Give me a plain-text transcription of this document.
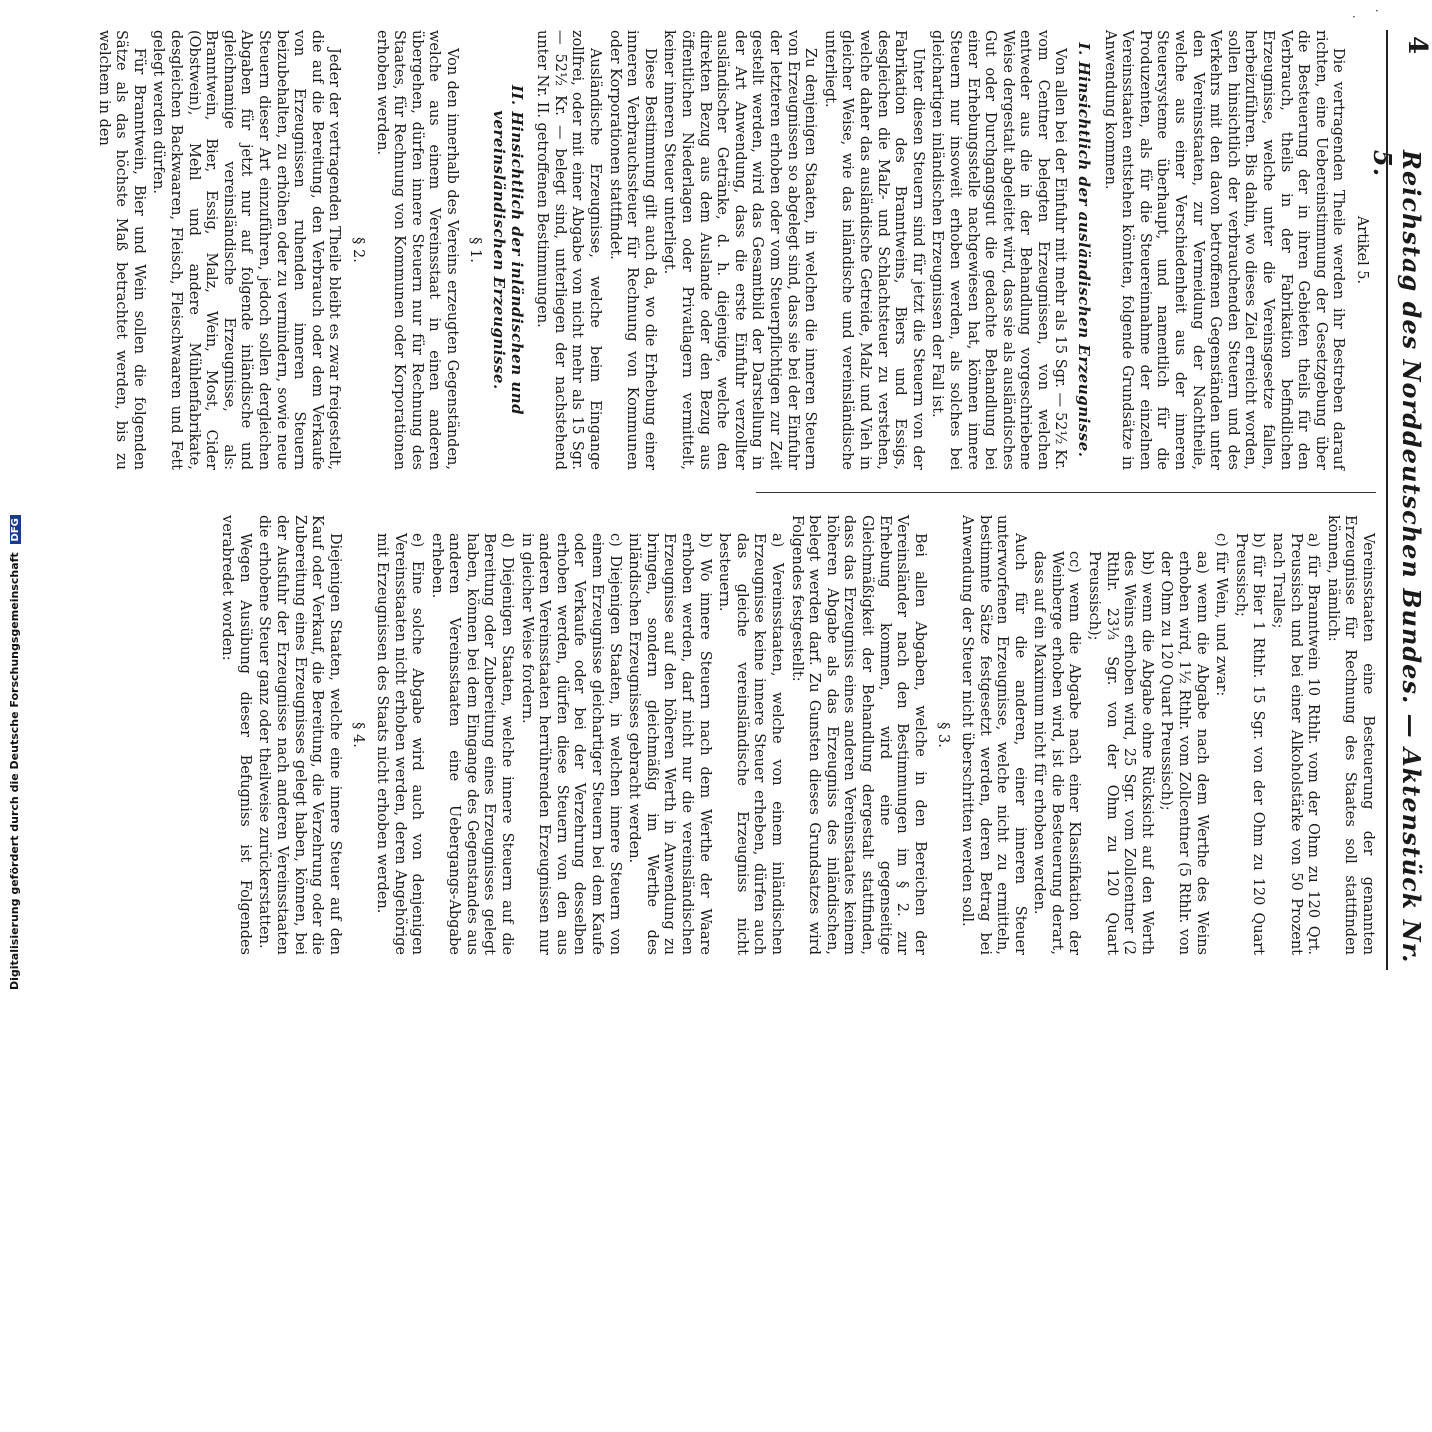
4
Reichstag des Norddeutschen Bundes. — Aktenstück Nr. 5.

Artikel 5.

Die vertragenden Theile werden ihr Bestreben darauf richten, eine Uebereinstimmung der Gesetzgebung über die Besteuerung der in ihren Gebieten theils für den Verbrauch, theils in der Fabrikation befindlichen Erzeugnisse, welche unter die Vereinsgesetze fallen, herbeizuführen. Bis dahin, wo dieses Ziel erreicht worden, sollen hinsichtlich der verbrauchenden Steuern und des Verkehrs mit den davon betroffenen Gegenständen unter den Vereinsstaaten, zur Vermeidung der Nachtheile, welche aus einer Verschiedenheit aus der inneren Steuersysteme überhaupt, und namentlich für die Produzenten, als für die Steuereinnahme der einzelnen Vereinsstaaten entstehen könnten, folgende Grundsätze in Anwendung kommen.

I. Hinsichtlich der ausländischen Erzeugnisse.

Von allen bei der Einfuhr mit mehr als 15 Sgr. — 52½ Kr. vom Centner belegten Erzeugnissen, von welchen entweder aus die in der Behandlung vorgeschriebene Weise dergestalt abgeleitet wird, dass sie als ausländisches Gut oder Durchgangsgut die gedachte Behandlung bei einer Erhebungsstelle nachgewiesen hat, können innere Steuern nur insoweit erhoben werden, als solches bei gleichartigen inländischen Erzeugnissen der Fall ist.

Unter diesen Steuern sind für jetzt die Steuern von der Fabrikation des Branntweins, Biers und Essigs, desgleichen die Malz- und Schlachtsteuer zu verstehen, welche daher das ausländische Getreide, Malz und Vieh in gleicher Weise, wie das inländische und vereinsländische unterliegt.

Zu denjenigen Staaten, in welchen die inneren Steuern von Erzeugnissen so abgelegt sind, dass sie bei der Einfuhr der letzteren erhoben oder vom Steuerpflichtigen zur Zeit gestellt werden, wird das Gesamtbild der Darstellung in der Art Anwendung, dass die erste Einfuhr verzollter ausländischer Getränke, d. h. diejenige, welche den direkten Bezug aus dem Auslande oder den Bezug aus öffentlichen Niederlagen oder Privatlagern vermittelt, keiner inneren Steuer unterliegt.

Diese Bestimmung gilt auch da, wo die Erhebung einer inneren Verbrauchssteuer für Rechnung von Kommunen oder Korporationen stattfindet.

Ausländische Erzeugnisse, welche beim Eingange zollfrei, oder mit einer Abgabe von nicht mehr als 15 Sgr. — 52½ Kr. — belegt sind, unterliegen der nachstehend unter Nr. II. getroffenen Bestimmungen.

II. Hinsichtlich der inländischen und vereinsländischen Erzeugnisse.

§ 1.

Von den innerhalb des Vereins erzeugten Gegenständen, welche aus einem Vereinsstaat in einen anderen übergehen, dürfen innere Steuern nur für Rechnung des Staates, für Rechnung von Kommunen oder Korporationen erhoben werden.

§ 2.

Jeder der vertragenden Theile bleibt es zwar freigestellt, die auf die Bereitung, den Verbrauch oder dem Verkaufe von Erzeugnissen ruhenden inneren Steuern beizubehalten, zu erhöhen oder zu vermindern, sowie neue Steuern dieser Art einzuführen, jedoch sollen dergleichen Abgaben für jetzt nur auf folgende inländische und gleichnamige vereinsländische Erzeugnisse, als: Branntwein, Bier, Essig, Malz, Wein, Most, Cider (Obstwein), Mehl und andere Mühlenfabrikate, desgleichen Backwaaren, Fleisch, Fleischwaaren und Fett gelegt werden dürfen.

Für Branntwein, Bier und Wein sollen die folgenden Sätze als das höchste Maß betrachtet werden, bis zu welchem in den

Vereinsstaaten eine Besteuerung der genannten Erzeugnisse für Rechnung des Staates soll stattfinden können, nämlich:

a) für Branntwein 10 Rthlr. vom der Ohm zu 120 Qrt. Preussisch und bei einer Alkoholstärke von 50 Prozent nach Tralles;

b) für Bier 1 Rthlr. 15 Sgr. von der Ohm zu 120 Quart Preussisch;

c) für Wein, und zwar:

aa) wenn die Abgabe nach dem Werthe des Weins erhoben wird, 1½ Rthlr. vom Zollcentner (5 Rthlr. von der Ohm zu 120 Quart Preussisch);

bb) wenn die Abgabe ohne Rücksicht auf den Werth des Weins erhoben wird, 25 Sgr. vom Zollcentner (2 Rthlr. 23⅓ Sgr. von der Ohm zu 120 Quart Preussisch);

cc) wenn die Abgabe nach einer Klassifikation der Weinberge erhoben wird, ist die Besteuerung derart, dass auf ein Maximum nicht für erhoben werden.

Auch für die anderen, einer inneren Steuer unterworfenen Erzeugnisse, welche nicht zu ermitteln, bestimmte Sätze festgesetzt werden, deren Betrag bei Anwendung der Steuer nicht überschritten werden soll.

§ 3.

Bei allen Abgaben, welche in den Bereichen der Vereinsländer nach den Bestimmungen im § 2. zur Erhebung kommen, wird eine gegenseitige Gleichmäßigkeit der Behandlung dergestalt stattfinden, dass das Erzeugniss eines anderen Vereinsstaates keinem höheren Abgabe als das Erzeugniss des inländischen, belegt werden darf. Zu Gunsten dieses Grundsatzes wird Folgendes festgestellt:

a) Vereinsstaaten, welche von einem inländischen Erzeugnisse keine innere Steuer erheben, dürfen auch das gleiche vereinsländische Erzeugniss nicht besteuern.

b) Wo innere Steuern nach dem Werthe der Waare erhoben werden, darf nicht nur die vereinsländischen Erzeugnisse auf den höheren Werth in Anwendung zu bringen, sondern gleichmäßig im Werthe des inländischen Erzeugnisses gebracht werden.

c) Diejenigen Staaten, in welchen innere Steuern von einem Erzeugnisse gleichartiger Steuern bei dem Kaufe oder Verkaufe oder bei der Verzehrung desselben erhoben werden, dürfen diese Steuern von den aus anderen Vereinsstaaten herrührenden Erzeugnissen nur in gleicher Weise fordern.

d) Diejenigen Staaten, welche innere Steuern auf die Bereitung oder Zubereitung eines Erzeugnisses gelegt haben, können bei dem Eingange des Gegenstandes aus anderen Vereinsstaaten eine Uebergangs-Abgabe erheben.

e) Eine solche Abgabe wird auch von denjenigen Vereinsstaaten nicht erhoben werden, deren Angehörige mit Erzeugnissen des Staats nicht erhoben werden.

§ 4.

Diejenigen Staaten, welche eine innere Steuer auf den Kauf oder Verkauf, die Bereitung, die Verzehrung oder die Zubereitung eines Erzeugnisses gelegt haben, können, bei der Ausfuhr der Erzeugnisse nach anderen Vereinsstaaten die erhobene Steuer ganz oder theilweise zurückerstatten.

Wegen Ausübung dieser Befugniss ist Folgendes verabredet worden:

Digitalisierung gefördert durch die Deutsche Forschungsgemeinschaft DFG
· ·
